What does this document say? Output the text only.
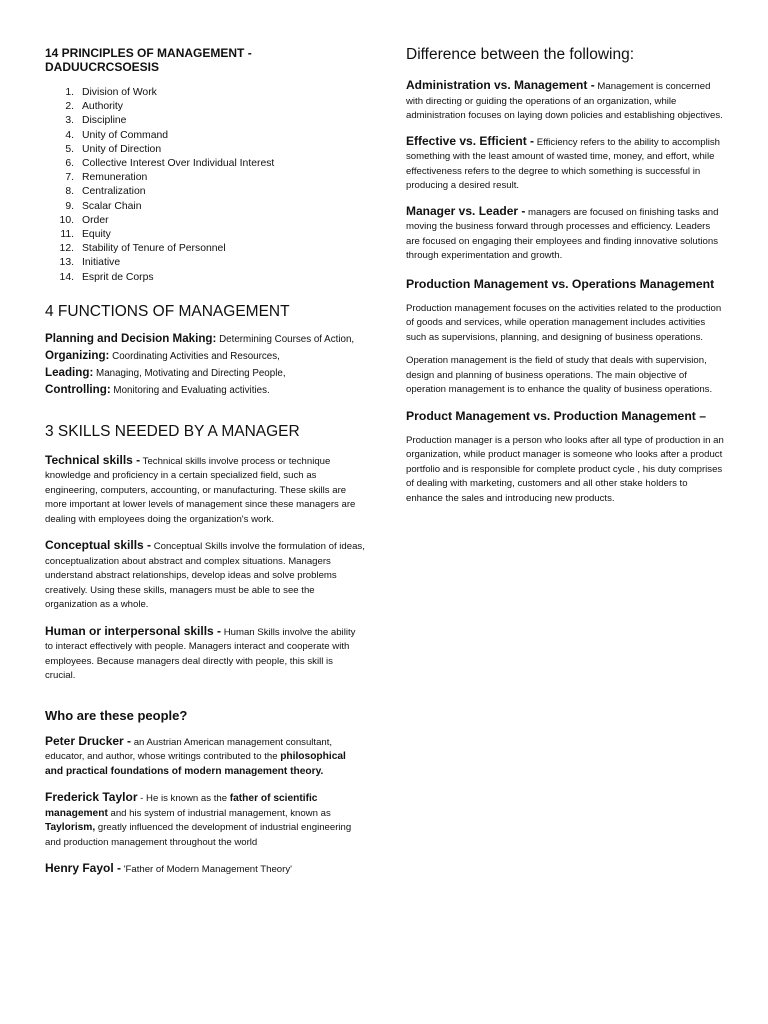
14 PRINCIPLES OF MANAGEMENT - DADUUCRCSOESIS
1. Division of Work
2. Authority
3. Discipline
4. Unity of Command
5. Unity of Direction
6. Collective Interest Over Individual Interest
7. Remuneration
8. Centralization
9. Scalar Chain
10. Order
11. Equity
12. Stability of Tenure of Personnel
13. Initiative
14. Esprit de Corps
4 FUNCTIONS OF MANAGEMENT
Planning and Decision Making: Determining Courses of Action,
Organizing: Coordinating Activities and Resources,
Leading: Managing, Motivating and Directing People,
Controlling: Monitoring and Evaluating activities.
3 SKILLS NEEDED BY A MANAGER

Technical skills - Technical skills involve process or technique knowledge and proficiency in a certain specialized field, such as engineering, computers, accounting, or manufacturing. These skills are more important at lower levels of management since these managers are dealing with employees doing the organization's work.

Conceptual skills - Conceptual Skills involve the formulation of ideas, conceptualization about abstract and complex situations. Managers understand abstract relationships, develop ideas and solve problems creatively. Using these skills, managers must be able to see the organization as a whole.

Human or interpersonal skills - Human Skills involve the ability to interact effectively with people. Managers interact and cooperate with employees. Because managers deal directly with people, this skill is crucial.

Who are these people?

Peter Drucker - an Austrian American management consultant, educator, and author, whose writings contributed to the philosophical and practical foundations of modern management theory.

Frederick Taylor - He is known as the father of scientific management and his system of industrial management, known as Taylorism, greatly influenced the development of industrial engineering and production management throughout the world

Henry Fayol - 'Father of Modern Management Theory'

Difference between the following:

Administration vs. Management - Management is concerned with directing or guiding the operations of an organization, while administration focuses on laying down policies and establishing objectives.

Effective vs. Efficient - Efficiency refers to the ability to accomplish something with the least amount of wasted time, money, and effort, while effectiveness refers to the degree to which something is successful in producing a desired result.

Manager vs. Leader - managers are focused on finishing tasks and moving the business forward through processes and efficiency. Leaders are focused on engaging their employees and finding innovative solutions through experimentation and growth.

Production Management vs. Operations Management

Production management focuses on the activities related to the production of goods and services, while operation management includes activities such as supervisions, planning, and designing of business operations.

Operation management is the field of study that deals with supervision, design and planning of business operations. The main objective of operation management is to enhance the quality of business operations.

Product Management vs. Production Management –

Production manager is a person who looks after all type of production in an organization, while product manager is someone who looks after a product portfolio and is responsible for complete product cycle , his duty comprises of dealing with marketing, customers and all other stake holders to enhance the sales and introducing new products.
